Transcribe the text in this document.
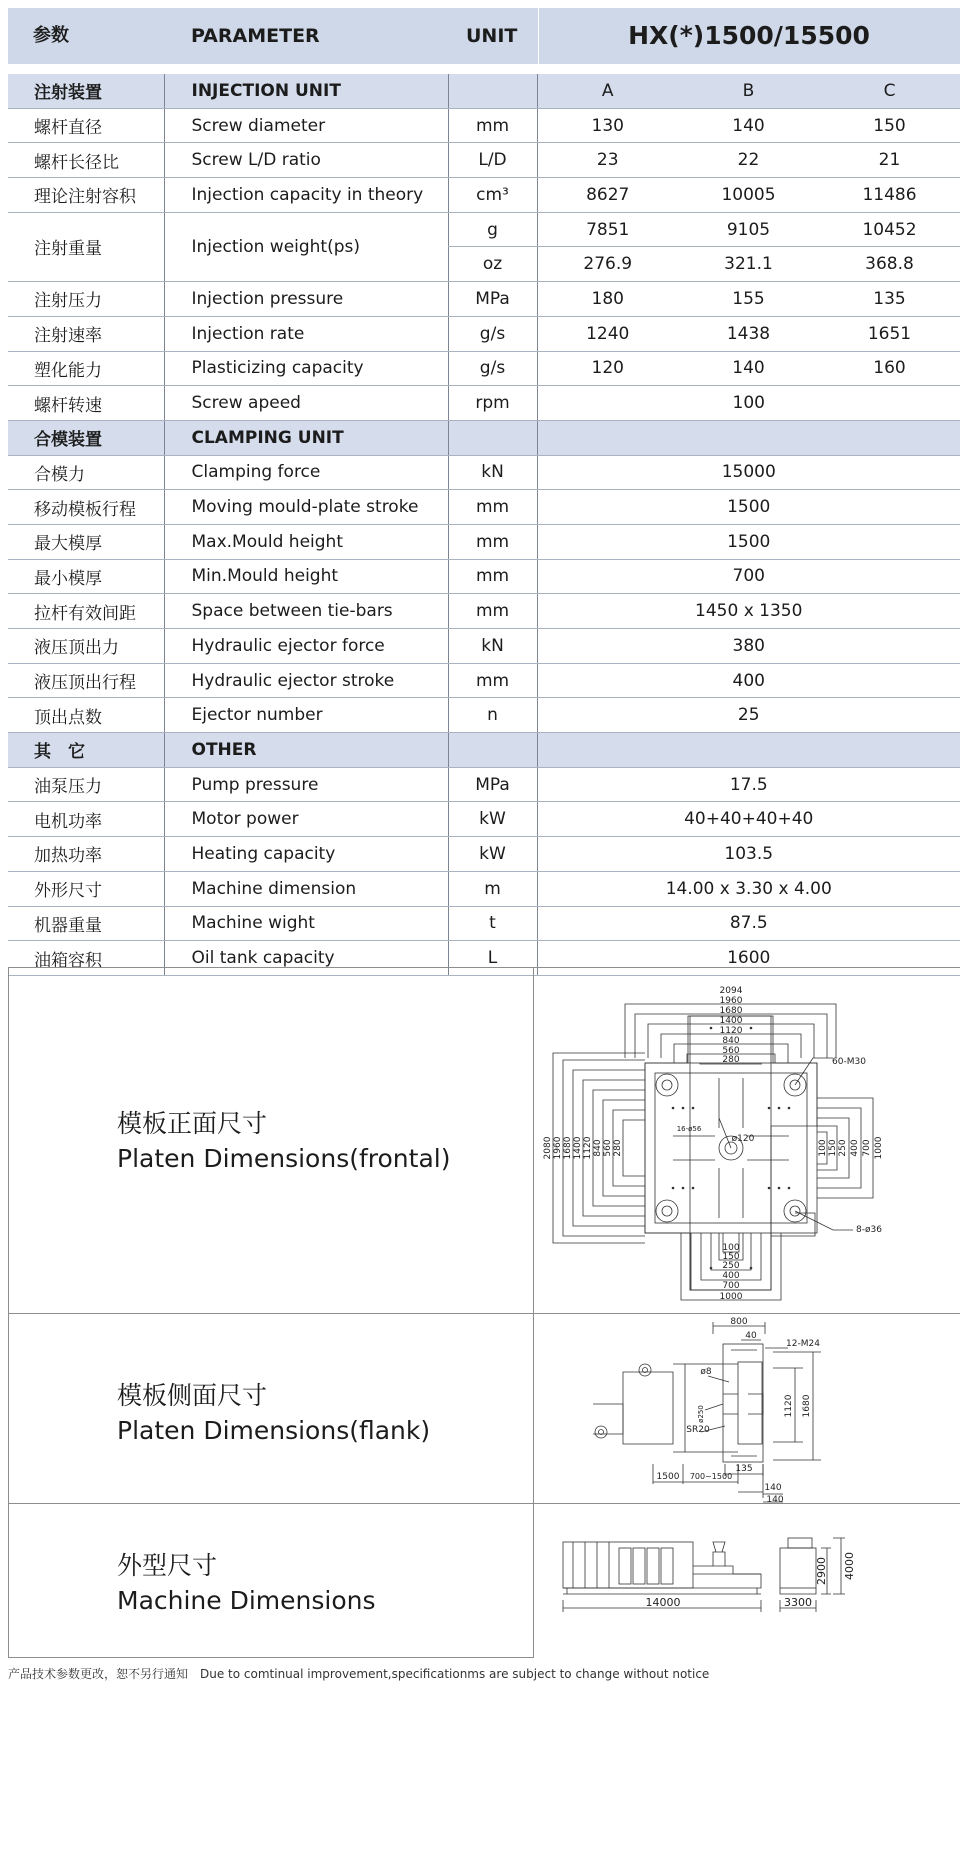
参数	PARAMETER	UNIT	HX(*)1500/15500
注射装置	INJECTION UNIT		A	B	C
螺杆直径	Screw diameter	mm	130	140	150
螺杆长径比	Screw L/D ratio	L/D	23	22	21
理论注射容积	Injection capacity in theory	cm³	8627	10005	11486
注射重量	Injection weight(ps)	g	7851	9105	10452
		oz	276.9	321.1	368.8
注射压力	Injection pressure	MPa	180	155	135
注射速率	Injection rate	g/s	1240	1438	1651
塑化能力	Plasticizing capacity	g/s	120	140	160
螺杆转速	Screw apeed	rpm	100		
合模装置	CLAMPING UNIT				
合模力	Clamping force	kN	15000		
移动模板行程	Moving mould-plate stroke	mm	1500		
最大模厚	Max.Mould height	mm	1500		
最小模厚	Min.Mould height	mm	700		
拉杆有效间距	Space between tie-bars	mm	1450 x 1350		
液压顶出力	Hydraulic ejector force	kN	380		
液压顶出行程	Hydraulic ejector stroke	mm	400		
顶出点数	Ejector number	n	25		
其　它	OTHER				
油泵压力	Pump pressure	MPa	17.5		
电机功率	Motor power	kW	40+40+40+40		
加热功率	Heating capacity	kW	103.5		
外形尺寸	Machine dimension	m	14.00 x 3.30 x 4.00		
机器重量	Machine wight	t	87.5		
油箱容积	Oil tank capacity	L	1600		
模板正面尺寸
Platen Dimensions(frontal)
2094
1960
1680
1400
1120
840
560
280
2080 1960 1680 1400 1120 840 560 280	1000
700
400
250
150
100
100
150
250
400
700
1000
60-M30
16-ø56
ø120
8-ø36
模板侧面尺寸
Platen Dimensions(flank)
800
40
12-M24
ø8
ø250
SR20
1120 1680
135
1500 700~1500
140
140
外型尺寸
Machine Dimensions	14000	3300
2900 4000
产品技术参数更改，恕不另行通知　Due to comtinual improvement,specificationms are subject to change without notice
